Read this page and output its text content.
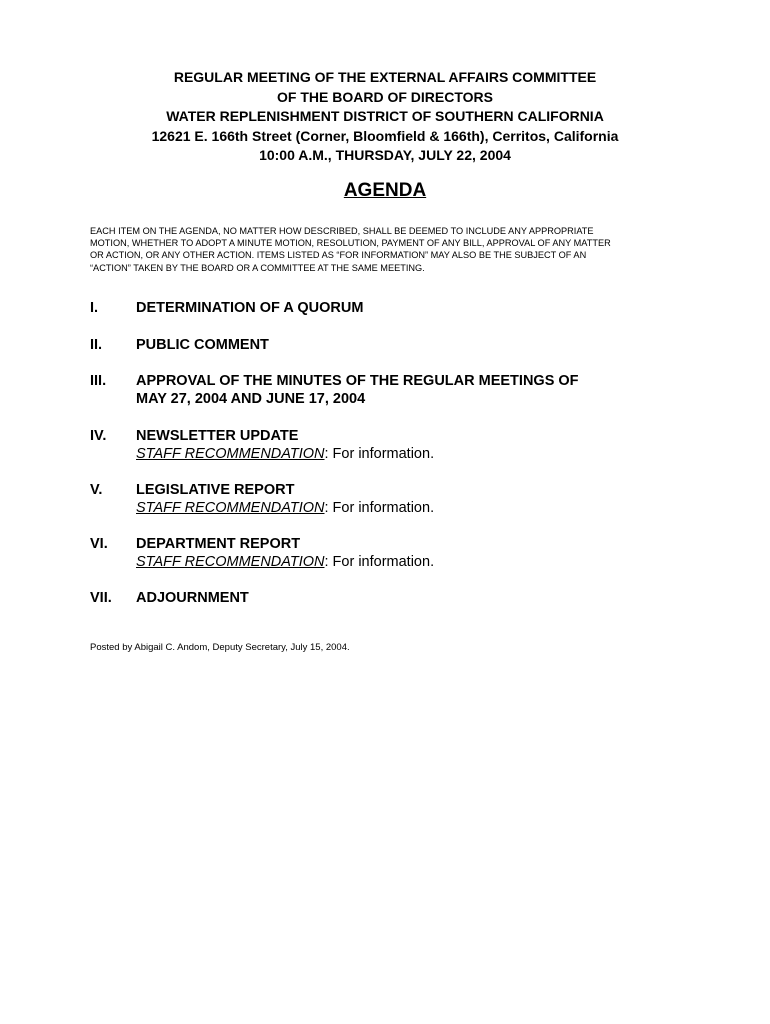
REGULAR MEETING OF THE EXTERNAL AFFAIRS COMMITTEE
OF THE BOARD OF DIRECTORS
WATER REPLENISHMENT DISTRICT OF SOUTHERN CALIFORNIA
12621 E. 166th Street (Corner, Bloomfield & 166th), Cerritos, California
10:00 A.M., THURSDAY, JULY 22, 2004
AGENDA
EACH ITEM ON THE AGENDA, NO MATTER HOW DESCRIBED, SHALL BE DEEMED TO INCLUDE ANY APPROPRIATE
MOTION, WHETHER TO ADOPT A MINUTE MOTION, RESOLUTION, PAYMENT OF ANY BILL, APPROVAL OF ANY MATTER
OR ACTION, OR ANY OTHER ACTION. ITEMS LISTED AS “FOR INFORMATION” MAY ALSO BE THE SUBJECT OF AN
“ACTION” TAKEN BY THE BOARD OR A COMMITTEE AT THE SAME MEETING.
I.	DETERMINATION OF A QUORUM
II. PUBLIC COMMENT
III. APPROVAL OF THE MINUTES OF THE REGULAR MEETINGS OF
MAY 27, 2004 AND JUNE 17, 2004
IV. NEWSLETTER UPDATE
STAFF RECOMMENDATION: For information.
V. LEGISLATIVE REPORT
STAFF RECOMMENDATION: For information.
VI. DEPARTMENT REPORT
STAFF RECOMMENDATION: For information.
VII. ADJOURNMENT
Posted by Abigail C. Andom, Deputy Secretary, July 15, 2004.
